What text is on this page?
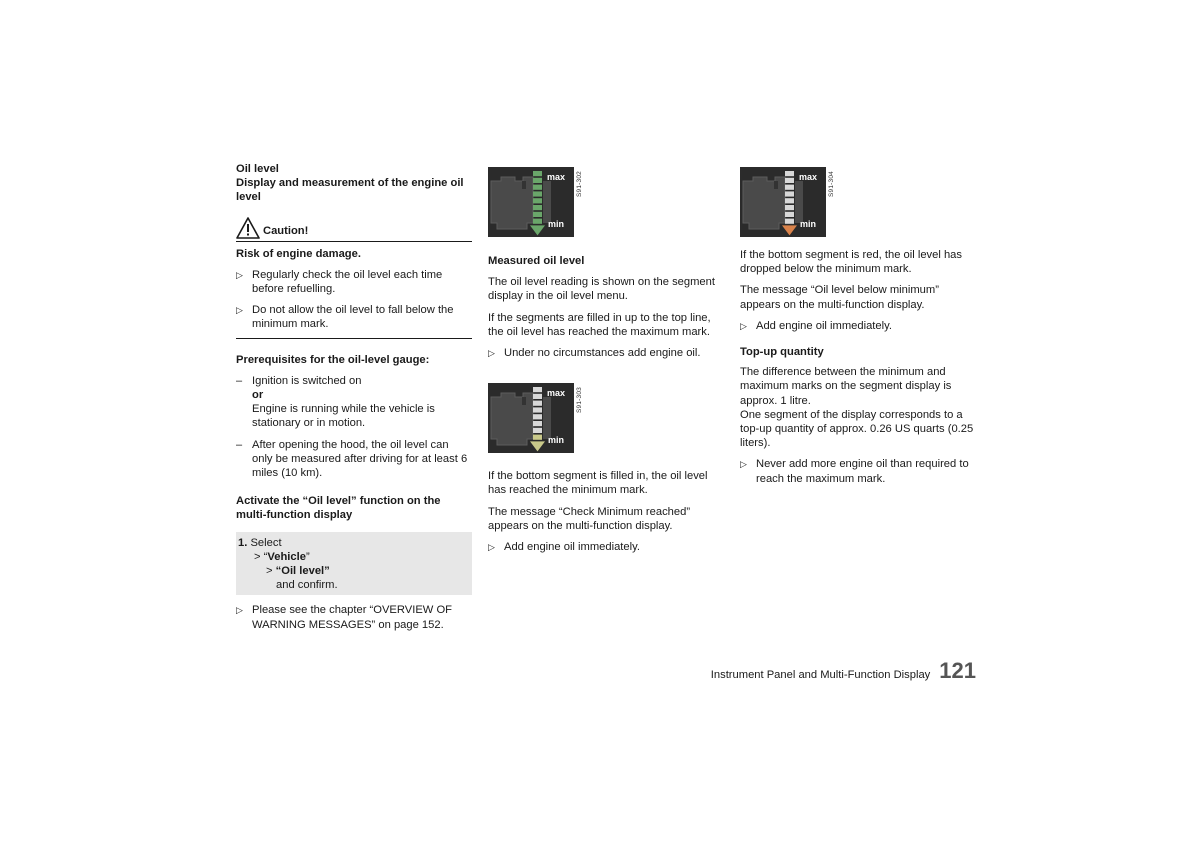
Oil level

Display and measurement of the engine oil level

Caution!

Risk of engine damage.

▷ Regularly check the oil level each time before refuelling.
▷ Do not allow the oil level to fall below the minimum mark.

Prerequisites for the oil-level gauge:

– Ignition is switched on
or
Engine is running while the vehicle is stationary or in motion.
– After opening the hood, the oil level can only be measured after driving for at least 6 miles (10 km).

Activate the “Oil level” function on the multi-function display

1. Select
> “Vehicle”
> “Oil level”
and confirm.
▷ Please see the chapter “OVERVIEW OF WARNING MESSAGES” on page 152.
max
min
S91-302

Measured oil level

The oil level reading is shown on the segment display in the oil level menu.

If the segments are filled in up to the top line, the oil level has reached the maximum mark.

▷ Under no circumstances add engine oil.
max
min
S91-303

If the bottom segment is filled in, the oil level has reached the minimum mark.

The message “Check Minimum reached” appears on the multi-function display.

▷ Add engine oil immediately.
max
min
S91-304

If the bottom segment is red, the oil level has dropped below the minimum mark.

The message “Oil level below minimum” appears on the multi-function display.

▷ Add engine oil immediately.

Top-up quantity

The difference between the minimum and maximum marks on the segment display is approx. 1 litre.

One segment of the display corresponds to a top-up quantity of approx. 0.26 US quarts (0.25 liters).

▷ Never add more engine oil than required to reach the maximum mark.
Instrument Panel and Multi-Function Display 121
